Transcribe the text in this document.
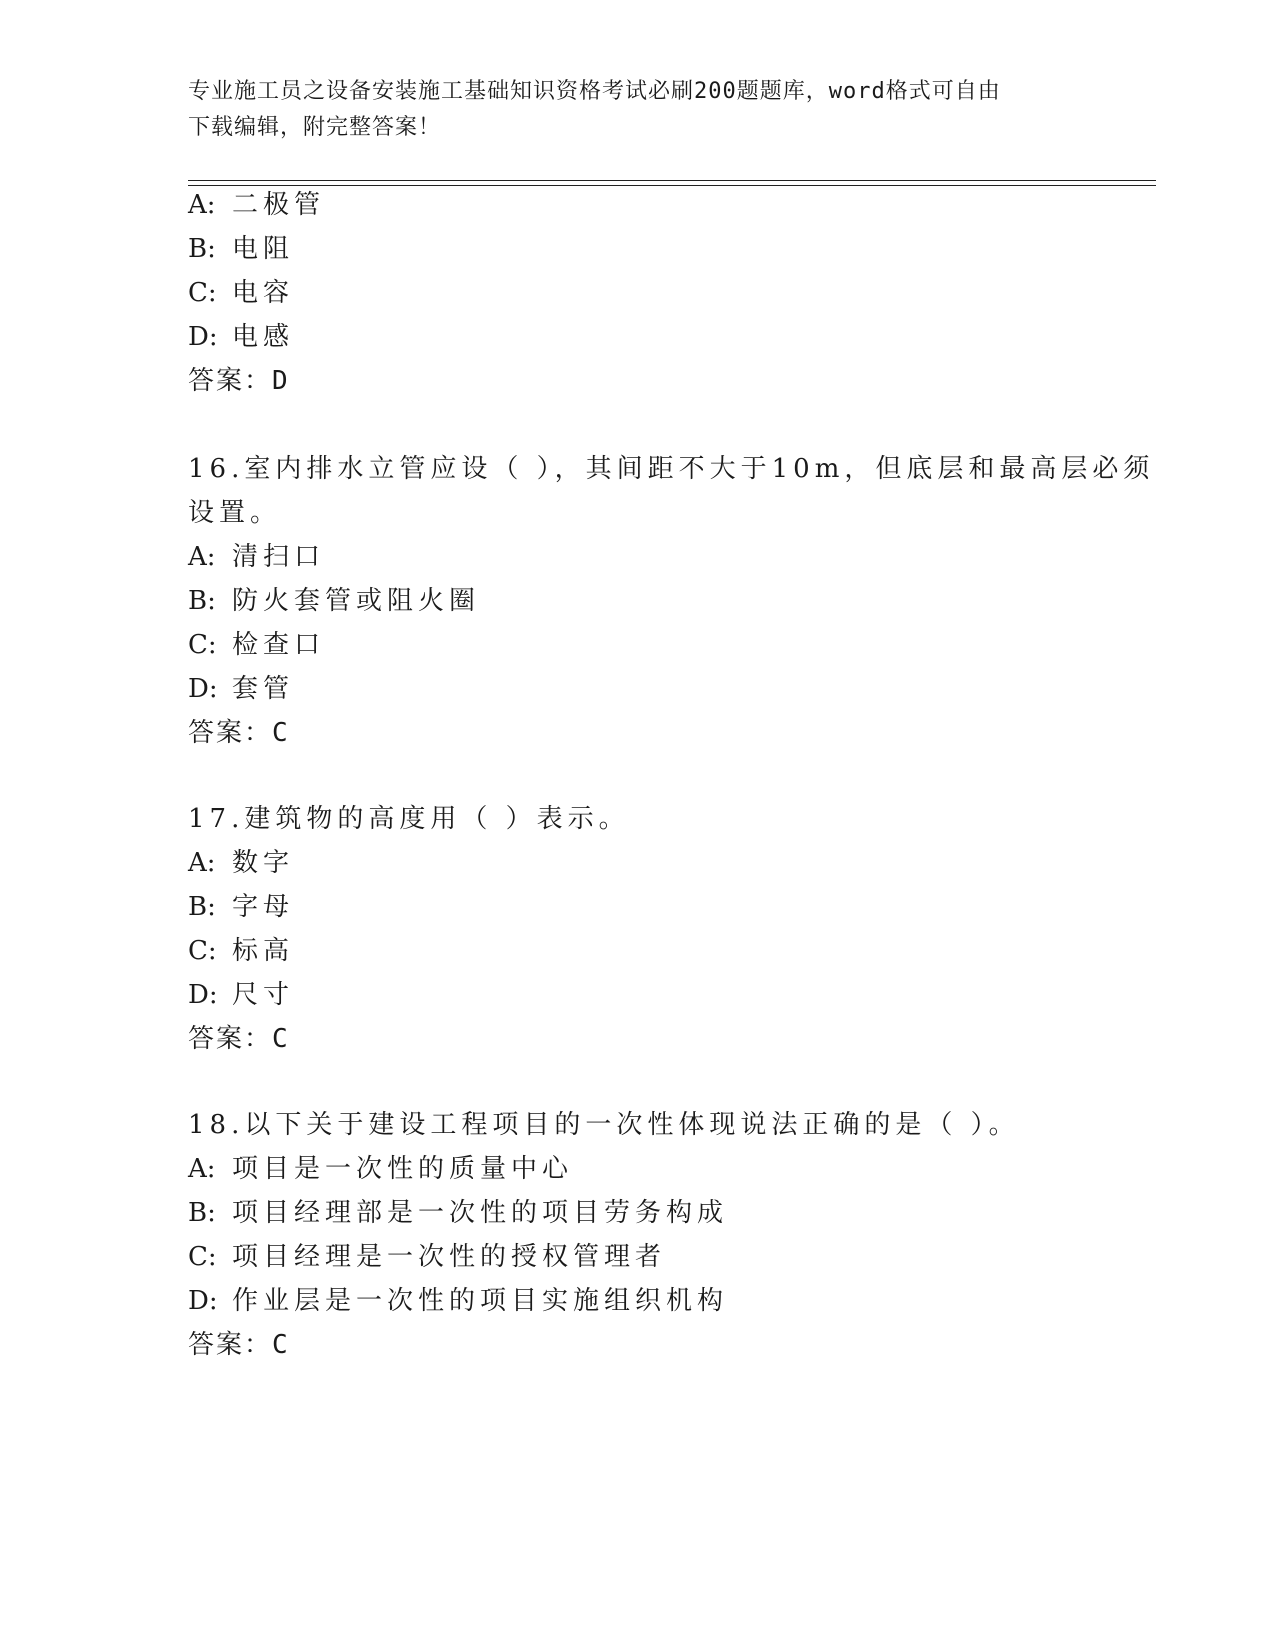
专业施工员之设备安装施工基础知识资格考试必刷200题题库，word格式可自由
下载编辑，附完整答案！
A: 二极管
B: 电阻
C: 电容
D: 电感
答案：D
16.室内排水立管应设（ ），其间距不大于10m，但底层和最高层必须
设置。
A: 清扫口
B: 防火套管或阻火圈
C: 检查口
D: 套管
答案：C
17.建筑物的高度用（ ）表示。
A: 数字
B: 字母
C: 标高
D: 尺寸
答案：C
18.以下关于建设工程项目的一次性体现说法正确的是（ ）。
A: 项目是一次性的质量中心
B: 项目经理部是一次性的项目劳务构成
C: 项目经理是一次性的授权管理者
D: 作业层是一次性的项目实施组织机构
答案：C
